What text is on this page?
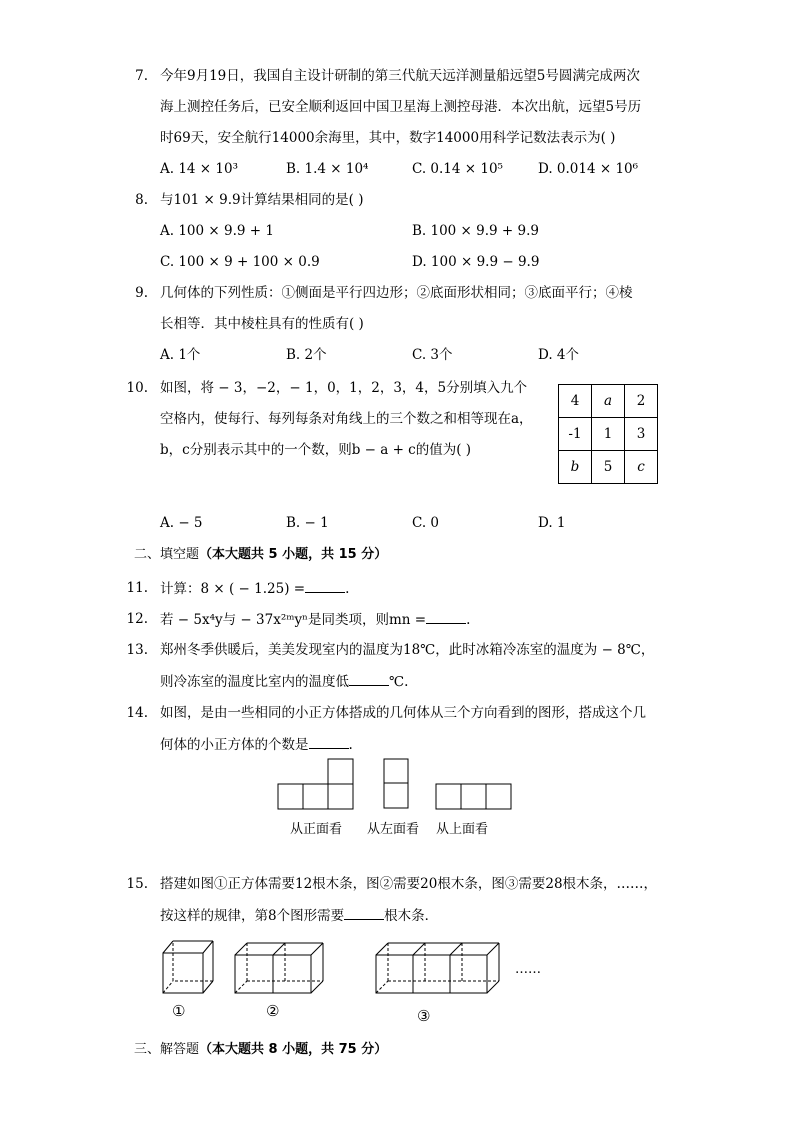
7. 今年9月19日，我国自主设计研制的第三代航天远洋测量船远望5号圆满完成两次
海上测控任务后，已安全顺利返回中国卫星海上测控母港．本次出航，远望5号历
时69天，安全航行14000余海里，其中，数字14000用科学记数法表示为( )
A. 14 × 10³	B. 1.4 × 10⁴	C. 0.14 × 10⁵	D. 0.014 × 10⁶
8. 与101 × 9.9计算结果相同的是( )
A. 100 × 9.9 + 1	B. 100 × 9.9 + 9.9
C. 100 × 9 + 100 × 0.9	D. 100 × 9.9 − 9.9
9. 几何体的下列性质：①侧面是平行四边形；②底面形状相同；③底面平行；④棱
长相等．其中棱柱具有的性质有( )
A. 1个	B. 2个	C. 3个	D. 4个
10. 如图，将 − 3，−2，− 1，0，1，2，3，4，5分别填入九个
空格内，使每行、每列每条对角线上的三个数之和相等现在a，
b，c分别表示其中的一个数，则b − a + c的值为( )
4	a	2
-1	1	3
b	5	c
A. − 5	B. − 1	C. 0	D. 1
二、填空题（本大题共 5 小题，共 15 分）
11. 计算：8 × ( − 1.25) =	.
12. 若 − 5x⁴y与 − 37x²ᵐyⁿ是同类项，则mn =	.
13. 郑州冬季供暖后，美美发现室内的温度为18℃，此时冰箱冷冻室的温度为 − 8℃，
则冷冻室的温度比室内的温度低	℃.
14. 如图，是由一些相同的小正方体搭成的几何体从三个方向看到的图形，搭成这个几
何体的小正方体的个数是	.
从正面看 从左面看 从上面看
15. 搭建如图①正方体需要12根木条，图②需要20根木条，图③需要28根木条，……，
按这样的规律，第8个图形需要	根木条．
……
①	②	③
三、解答题（本大题共 8 小题，共 75 分）
